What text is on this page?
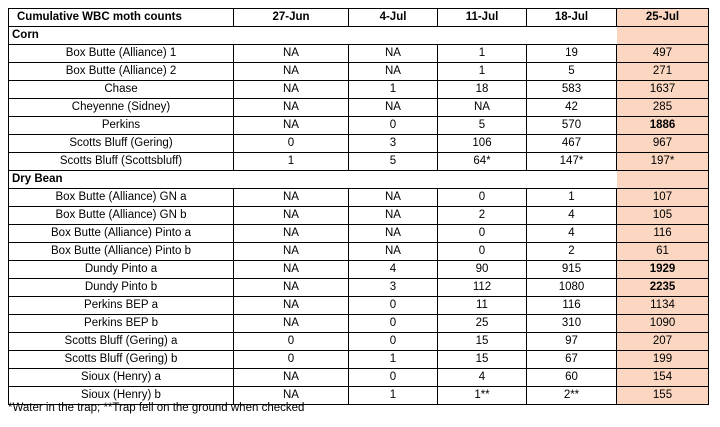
Cumulative WBC moth counts	27-Jun	4-Jul	11-Jul	18-Jul	25-Jul
Corn					
Box Butte (Alliance) 1	NA	NA	1	19	497
Box Butte (Alliance) 2	NA	NA	1	5	271
Chase	NA	1	18	583	1637
Cheyenne (Sidney)	NA	NA	NA	42	285
Perkins	NA	0	5	570	1886
Scotts Bluff (Gering)	0	3	106	467	967
Scotts Bluff (Scottsbluff)	1	5	64*	147*	197*
Dry Bean					
Box Butte (Alliance) GN a	NA	NA	0	1	107
Box Butte (Alliance) GN b	NA	NA	2	4	105
Box Butte (Alliance) Pinto a	NA	NA	0	4	116
Box Butte (Alliance) Pinto b	NA	NA	0	2	61
Dundy Pinto a	NA	4	90	915	1929
Dundy Pinto b	NA	3	112	1080	2235
Perkins BEP a	NA	0	11	116	1134
Perkins BEP b	NA	0	25	310	1090
Scotts Bluff (Gering) a	0	0	15	97	207
Scotts Bluff (Gering) b	0	1	15	67	199
Sioux (Henry) a	NA	0	4	60	154
Sioux (Henry) b	NA	1	1**	2**	155
*Water in the trap; **Trap fell on the ground when checked
